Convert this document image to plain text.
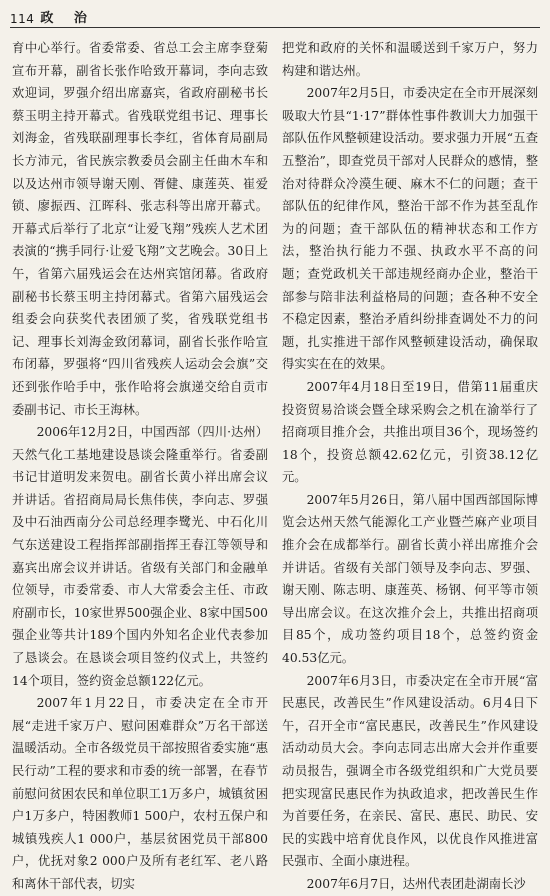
114 政 治

育中心举行。省委常委、省总工会主席李登菊宣布开幕，副省长张作哈致开幕词，李向志致欢迎词，罗强介绍出席嘉宾，省政府副秘书长蔡玉明主持开幕式。省残联党组书记、理事长刘海金，省残联副理事长李红，省体育局副局长方沛元，省民族宗教委员会副主任曲木车和以及达州市领导谢天刚、胥健、康莲英、崔爱锁、廖振西、江晖科、张志科等出席开幕式。开幕式后举行了北京“让爱飞翔”残疾人艺术团表演的“携手同行·让爱飞翔”文艺晚会。30日上午，省第六届残运会在达州宾馆闭幕。省政府副秘书长蔡玉明主持闭幕式。省第六届残运会组委会向获奖代表团颁了奖，省残联党组书记、理事长刘海金致闭幕词，副省长张作哈宣布闭幕，罗强将“四川省残疾人运动会会旗”交还到张作哈手中，张作哈将会旗递交给自贡市委副书记、市长王海林。

2006年12月2日，中国西部（四川·达州）天然气化工基地建设恳谈会隆重举行。省委副书记甘道明发来贺电。副省长黄小祥出席会议并讲话。省招商局局长焦伟侠，李向志、罗强及中石油西南分公司总经理李鹭光、中石化川气东送建设工程指挥部副指挥王春江等领导和嘉宾出席会议并讲话。省级有关部门和金融单位领导，市委常委、市人大常委会主任、市政府副市长，10家世界500强企业、8家中国500强企业等共计189个国内外知名企业代表参加了恳谈会。在恳谈会项目签约仪式上，共签约14个项目，签约资金总额122亿元。

2007年1月22日，市委决定在全市开展“走进千家万户、慰问困难群众”万名干部送温暖活动。全市各级党员干部按照省委实施“惠民行动”工程的要求和市委的统一部署，在春节前慰问贫困农民和单位职工1万多户，城镇贫困户1万多户，特困教师1 500户，农村五保户和城镇残疾人1 000户，基层贫困党员干部800户，优抚对象2 000户及所有老红军、老八路和离休干部代表，切实

把党和政府的关怀和温暖送到千家万户，努力构建和谐达州。

2007年2月5日，市委决定在全市开展深刻吸取大竹县“1·17”群体性事件教训大力加强干部队伍作风整顿建设活动。要求强力开展“五查五整治”，即查党员干部对人民群众的感情，整治对待群众冷漠生硬、麻木不仁的问题；查干部队伍的纪律作风，整治干部不作为甚至乱作为的问题；查干部队伍的精神状态和工作方法，整治执行能力不强、执政水平不高的问题；查党政机关干部违规经商办企业，整治干部参与陪非法利益格局的问题；查各种不安全不稳定因素，整治矛盾纠纷排查调处不力的问题，扎实推进干部作风整顿建设活动，确保取得实实在在的效果。

2007年4月18日至19日，借第11届重庆投资贸易洽谈会暨全球采购会之机在渝举行了招商项目推介会，共推出项目36个，现场签约18个，投资总额42.62亿元，引资38.12亿元。

2007年5月26日，第八届中国西部国际博览会达州天然气能源化工产业暨苎麻产业项目推介会在成都举行。副省长黄小祥出席推介会并讲话。省级有关部门领导及李向志、罗强、谢天刚、陈志明、康莲英、杨钢、何平等市领导出席会议。在这次推介会上，共推出招商项目85个，成功签约项目18个，总签约资金40.53亿元。

2007年6月3日，市委决定在全市开展“富民惠民，改善民生”作风建设活动。6月4日下午，召开全市“富民惠民，改善民生”作风建设活动动员大会。李向志同志出席大会并作重要动员报告，强调全市各级党组织和广大党员要把实现富民惠民作为执政追求，把改善民生作为首要任务，在亲民、富民、惠民、助民、安民的实践中培育优良作风，以优良作风推进富民强市、全面小康进程。

2007年6月7日，达州代表团赴湖南长沙
